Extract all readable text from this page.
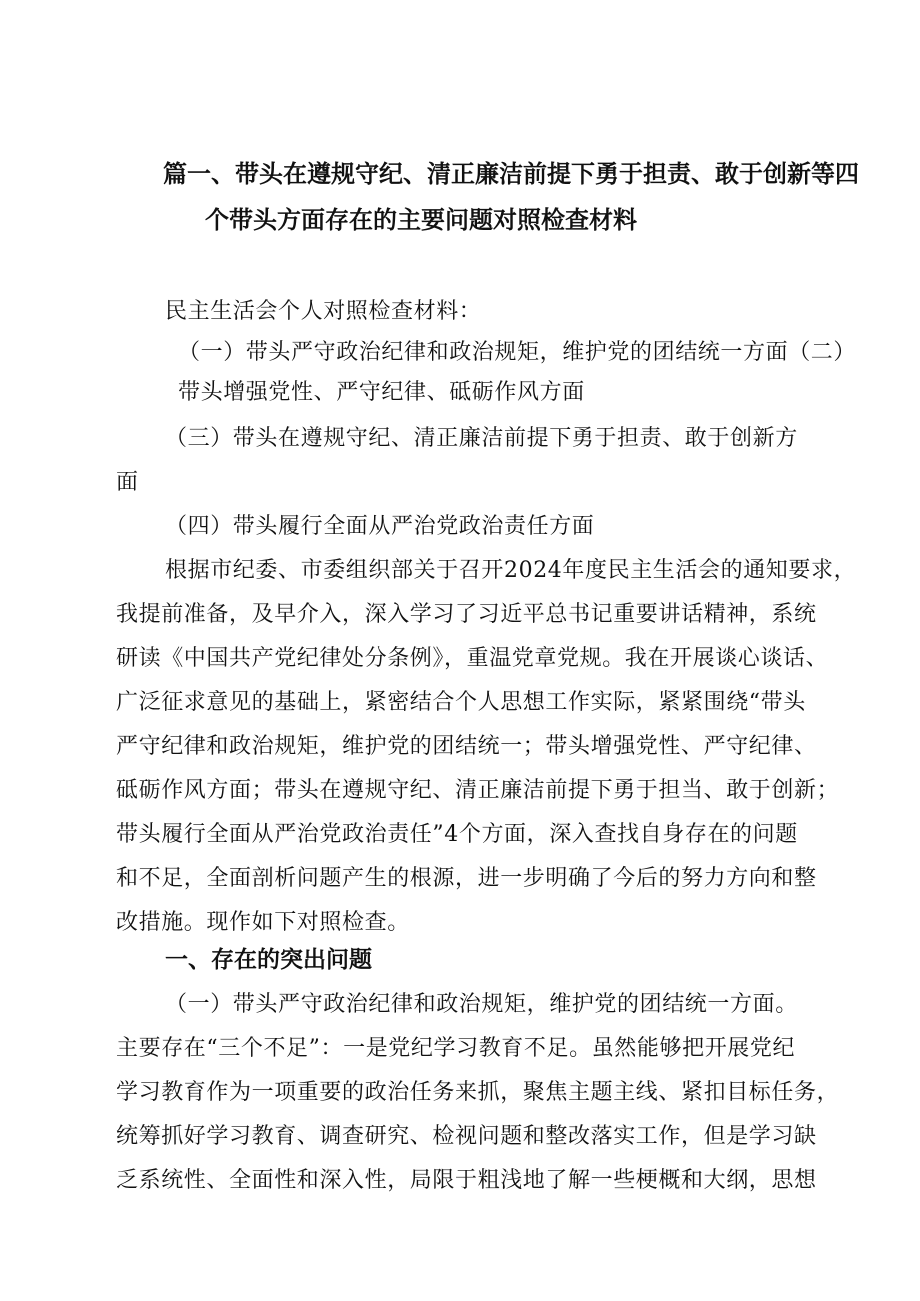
篇一、带头在遵规守纪、清正廉洁前提下勇于担责、敢于创新等四
个带头方面存在的主要问题对照检查材料
民主生活会个人对照检查材料：
（一）带头严守政治纪律和政治规矩，维护党的团结统一方面（二）
带头增强党性、严守纪律、砥砺作风方面
（三）带头在遵规守纪、清正廉洁前提下勇于担责、敢于创新方
面
（四）带头履行全面从严治党政治责任方面
根据市纪委、市委组织部关于召开2024年度民主生活会的通知要求，
我提前准备，及早介入，深入学习了习近平总书记重要讲话精神，系统
研读《中国共产党纪律处分条例》，重温党章党规。我在开展谈心谈话、
广泛征求意见的基础上，紧密结合个人思想工作实际，紧紧围绕“带头
严守纪律和政治规矩，维护党的团结统一；带头增强党性、严守纪律、
砥砺作风方面；带头在遵规守纪、清正廉洁前提下勇于担当、敢于创新；
带头履行全面从严治党政治责任”4个方面，深入查找自身存在的问题
和不足，全面剖析问题产生的根源，进一步明确了今后的努力方向和整
改措施。现作如下对照检查。
一、存在的突出问题
（一）带头严守政治纪律和政治规矩，维护党的团结统一方面。
主要存在“三个不足”：一是党纪学习教育不足。虽然能够把开展党纪
学习教育作为一项重要的政治任务来抓，聚焦主题主线、紧扣目标任务，
统筹抓好学习教育、调查研究、检视问题和整改落实工作，但是学习缺
乏系统性、全面性和深入性，局限于粗浅地了解一些梗概和大纲，思想
